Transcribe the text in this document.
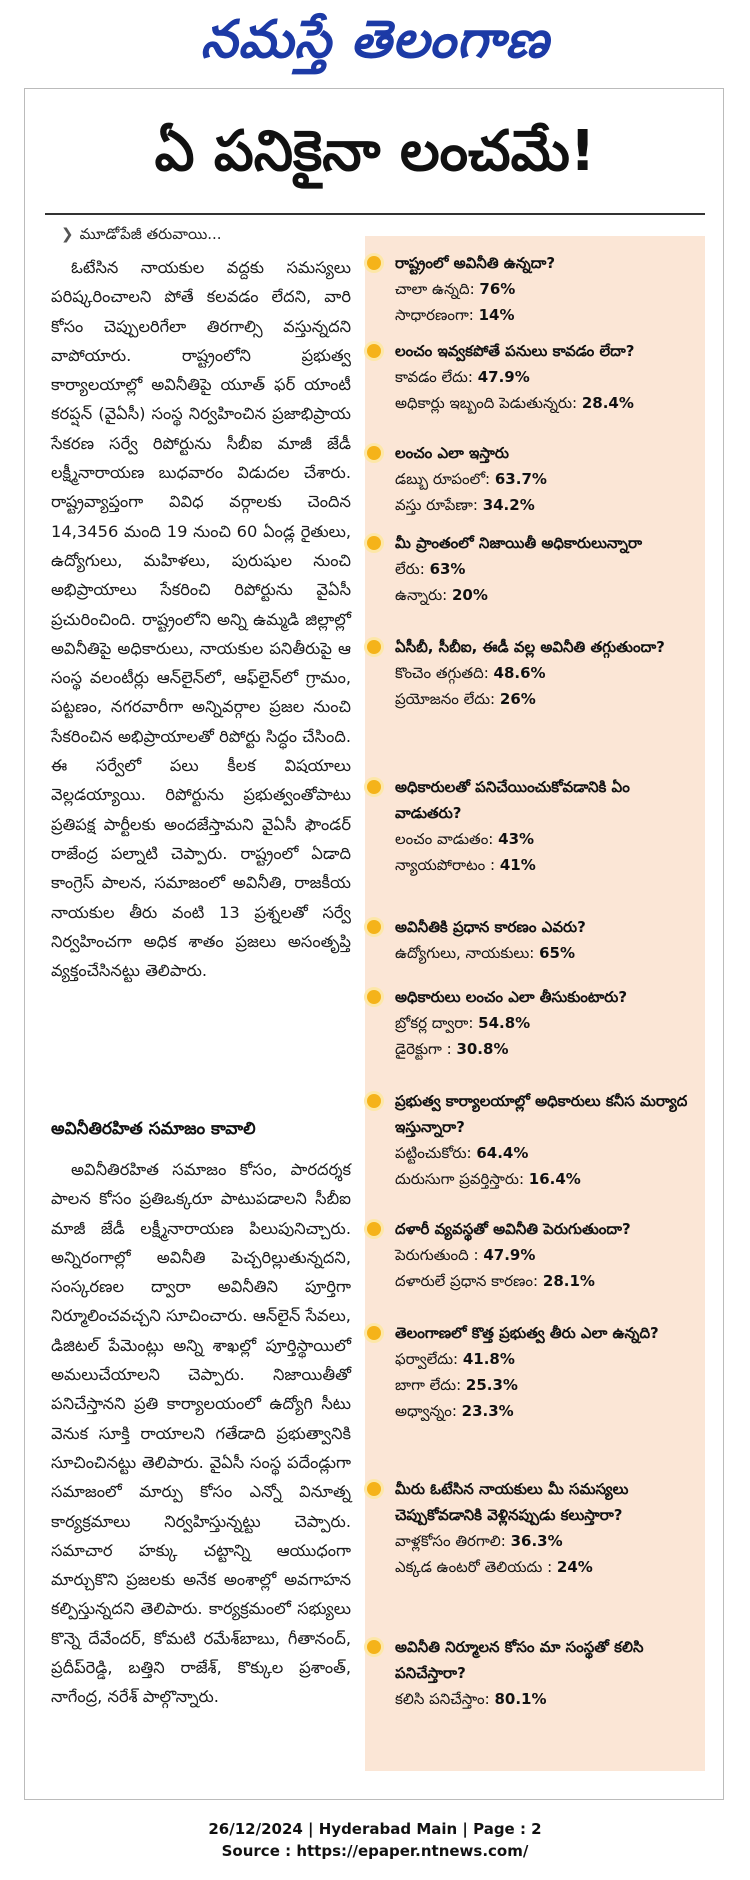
నమస్తే తెలంగాణ
ఏ పనికైనా లంచమే!
❯ మూడోపేజీ తరువాయి...
ఓటేసిన నాయకుల వద్దకు సమస్యలు పరిష్కరించాలని పోతే కలవడం లేదని, వారి కోసం చెప్పులరిగేలా తిరగాల్సి వస్తున్నదని వాపోయారు. రాష్ట్రంలోని ప్రభుత్వ కార్యాలయాల్లో అవినీతిపై యూత్ ఫర్ యాంటీ కరప్షన్ (వైఏసీ) సంస్థ నిర్వహించిన ప్రజాభిప్రాయ సేకరణ సర్వే రిపోర్టును సీబీఐ మాజీ జేడీ లక్ష్మీనారాయణ బుధవారం విడుదల చేశారు. రాష్ట్రవ్యాప్తంగా వివిధ వర్గాలకు చెందిన 14,3456 మంది 19 నుంచి 60 ఏండ్ల రైతులు, ఉద్యోగులు, మహిళలు, పురుషుల నుంచి అభిప్రాయాలు సేకరించి రిపోర్టును వైఏసీ ప్రచురించింది. రాష్ట్రంలోని అన్ని ఉమ్మడి జిల్లాల్లో అవినీతిపై అధికారులు, నాయకుల పనితీరుపై ఆ సంస్థ వలంటీర్లు ఆన్‌లైన్‌లో, ఆఫ్‌లైన్‌లో గ్రామం, పట్టణం, నగరవారీగా అన్నివర్గాల ప్రజల నుంచి సేకరించిన అభిప్రాయాలతో రిపోర్టు సిద్ధం చేసింది. ఈ సర్వేలో పలు కీలక విషయాలు వెల్లడయ్యాయి. రిపోర్టును ప్రభుత్వంతోపాటు ప్రతిపక్ష పార్టీలకు అందజేస్తామని వైఏసీ ఫౌండర్ రాజేంద్ర పల్నాటి చెప్పారు. రాష్ట్రంలో ఏడాది కాంగ్రెస్ పాలన, సమాజంలో అవినీతి, రాజకీయ నాయకుల తీరు వంటి 13 ప్రశ్నలతో సర్వే నిర్వహించగా అధిక శాతం ప్రజలు అసంతృప్తి వ్యక్తంచేసినట్టు తెలిపారు.
అవినీతిరహిత సమాజం కావాలి
అవినీతిరహిత సమాజం కోసం, పారదర్శక పాలన కోసం ప్రతిఒక్కరూ పాటుపడాలని సీబీఐ మాజీ జేడీ లక్ష్మీనారాయణ పిలుపునిచ్చారు. అన్నిరంగాల్లో అవినీతి పెచ్చరిల్లుతున్నదని, సంస్కరణల ద్వారా అవినీతిని పూర్తిగా నిర్మూలించవచ్చని సూచించారు. ఆన్‌లైన్ సేవలు, డిజిటల్ పేమెంట్లు అన్ని శాఖల్లో పూర్తిస్థాయిలో అమలుచేయాలని చెప్పారు. నిజాయితీతో పనిచేస్తానని ప్రతి కార్యాలయంలో ఉద్యోగి సీటు వెనుక సూక్తి రాయాలని గతేడాది ప్రభుత్వానికి సూచించినట్టు తెలిపారు. వైఏసీ సంస్థ పదేండ్లుగా సమాజంలో మార్పు కోసం ఎన్నో వినూత్న కార్యక్రమాలు నిర్వహిస్తున్నట్టు చెప్పారు. సమాచార హక్కు చట్టాన్ని ఆయుధంగా మార్చుకొని ప్రజలకు అనేక అంశాల్లో అవగాహన కల్పిస్తున్నదని తెలిపారు. కార్యక్రమంలో సభ్యులు కొన్నె దేవేందర్, కోమటి రమేశ్‌బాబు, గీతానంద్, ప్రదీప్‌రెడ్డి, బత్తిని రాజేశ్, కొక్కుల ప్రశాంత్, నాగేంద్ర, నరేశ్ పాల్గొన్నారు.
రాష్ట్రంలో అవినీతి ఉన్నదా?
చాలా ఉన్నది: 76%
సాధారణంగా: 14%
లంచం ఇవ్వకపోతే పనులు కావడం లేదా?
కావడం లేదు: 47.9%
అధికార్లు ఇబ్బంది పెడుతున్నరు: 28.4%
లంచం ఎలా ఇస్తారు
డబ్బు రూపంలో: 63.7%
వస్తు రూపేణా: 34.2%
మీ ప్రాంతంలో నిజాయితీ అధికారులున్నారా
లేరు: 63%
ఉన్నారు: 20%
ఏసీబీ, సీబీఐ, ఈడీ వల్ల అవినీతి తగ్గుతుందా?
కొంచెం తగ్గుతది: 48.6%
ప్రయోజనం లేదు: 26%
అధికారులతో పనిచేయించుకోవడానికి ఏం వాడుతరు?
లంచం వాడుతం: 43%
న్యాయపోరాటం : 41%
అవినీతికి ప్రధాన కారణం ఎవరు?
ఉద్యోగులు, నాయకులు: 65%
అధికారులు లంచం ఎలా తీసుకుంటారు?
బ్రోకర్ల ద్వారా: 54.8%
డైరెక్టుగా : 30.8%
ప్రభుత్వ కార్యాలయాల్లో అధికారులు కనీస మర్యాద ఇస్తున్నారా?
పట్టించుకోరు: 64.4%
దురుసుగా ప్రవర్తిస్తారు: 16.4%
దళారీ వ్యవస్థతో అవినీతి పెరుగుతుందా?
పెరుగుతుంది : 47.9%
దళారులే ప్రధాన కారణం: 28.1%
తెలంగాణలో కొత్త ప్రభుత్వ తీరు ఎలా ఉన్నది?
ఫర్వాలేదు: 41.8%
బాగా లేదు: 25.3%
అధ్వాన్నం: 23.3%
మీరు ఓటేసిన నాయకులు మీ సమస్యలు చెప్పుకోవడానికి వెళ్లినప్పుడు కలుస్తారా?
వాళ్లకోసం తిరగాలి: 36.3%
ఎక్కడ ఉంటరో తెలియదు : 24%
అవినీతి నిర్మూలన కోసం మా సంస్థతో కలిసి పనిచేస్తారా?
కలిసి పనిచేస్తాం: 80.1%
26/12/2024 | Hyderabad Main | Page : 2
Source : https://epaper.ntnews.com/
